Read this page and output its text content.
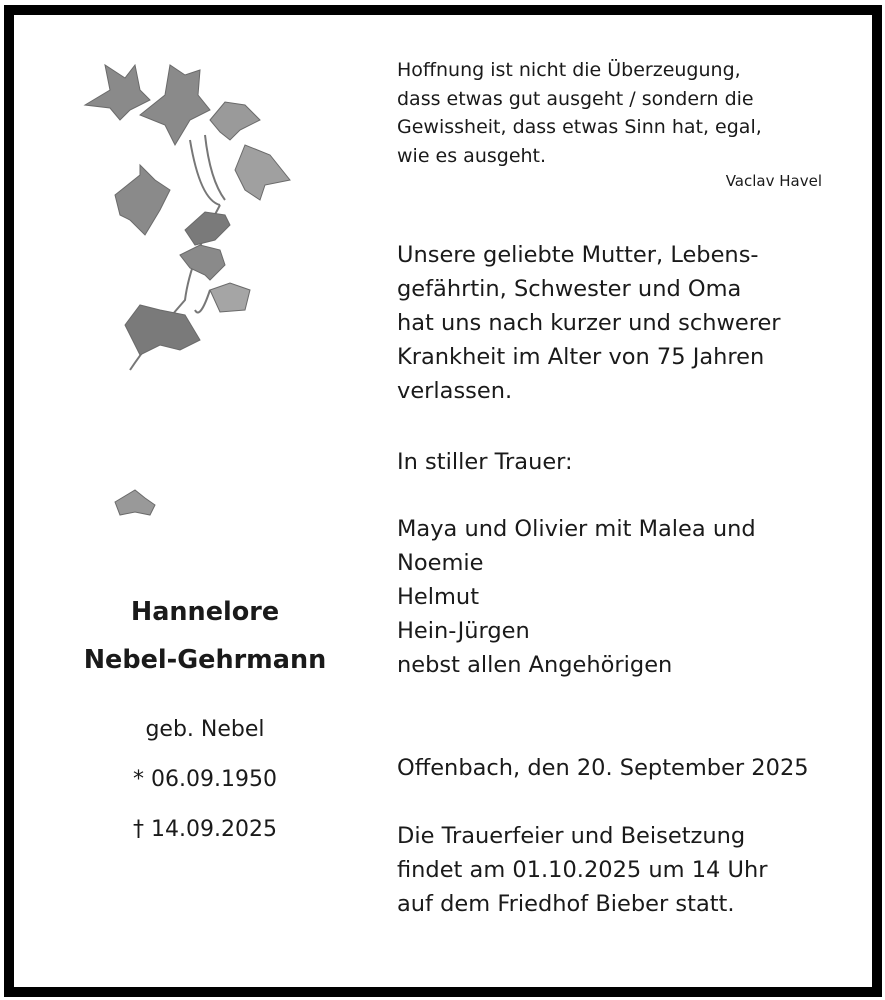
Hoffnung ist nicht die Überzeugung,
dass etwas gut ausgeht / sondern die
Gewissheit, dass etwas Sinn hat, egal,
wie es ausgeht.
Vaclav Havel
Unsere geliebte Mutter, Lebens-
gefährtin, Schwester und Oma
hat uns nach kurzer und schwerer
Krankheit im Alter von 75 Jahren
verlassen.
In stiller Trauer:
Maya und Olivier mit Malea und
Noemie
Helmut
Hein-Jürgen
nebst allen Angehörigen
Offenbach, den 20. September 2025
Die Trauerfeier und Beisetzung
findet am 01.10.2025 um 14 Uhr
auf dem Friedhof Bieber statt.
Hannelore
Nebel-Gehrmann
geb. Nebel
* 06.09.1950
† 14.09.2025
